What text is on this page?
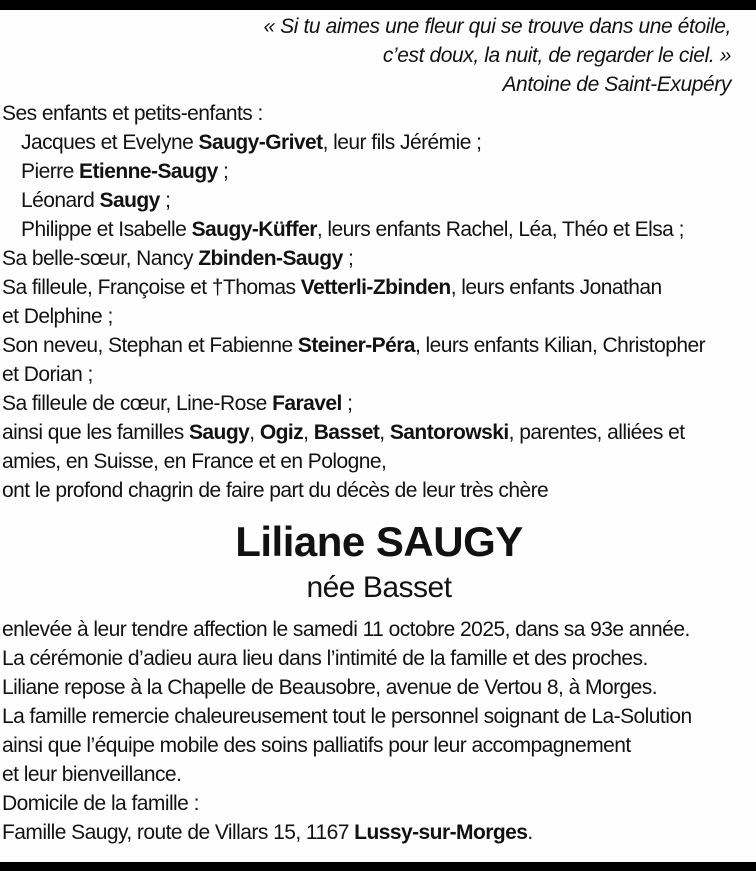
« Si tu aimes une fleur qui se trouve dans une étoile,
c’est doux, la nuit, de regarder le ciel. »
Antoine de Saint-Exupéry
Ses enfants et petits-enfants :
Jacques et Evelyne Saugy-Grivet, leur fils Jérémie ;
Pierre Etienne-Saugy ;
Léonard Saugy ;
Philippe et Isabelle Saugy-Küffer, leurs enfants Rachel, Léa, Théo et Elsa ;
Sa belle-sœur, Nancy Zbinden-Saugy ;
Sa filleule, Françoise et †Thomas Vetterli-Zbinden, leurs enfants Jonathan
et Delphine ;
Son neveu, Stephan et Fabienne Steiner-Péra, leurs enfants Kilian, Christopher
et Dorian ;
Sa filleule de cœur, Line-Rose Faravel ;
ainsi que les familles Saugy, Ogiz, Basset, Santorowski, parentes, alliées et
amies, en Suisse, en France et en Pologne,
ont le profond chagrin de faire part du décès de leur très chère
Liliane SAUGY
née Basset
enlevée à leur tendre affection le samedi 11 octobre 2025, dans sa 93e année.
La cérémonie d’adieu aura lieu dans l’intimité de la famille et des proches.
Liliane repose à la Chapelle de Beausobre, avenue de Vertou 8, à Morges.
La famille remercie chaleureusement tout le personnel soignant de La-Solution
ainsi que l’équipe mobile des soins palliatifs pour leur accompagnement
et leur bienveillance.
Domicile de la famille :
Famille Saugy, route de Villars 15, 1167 Lussy-sur-Morges.
